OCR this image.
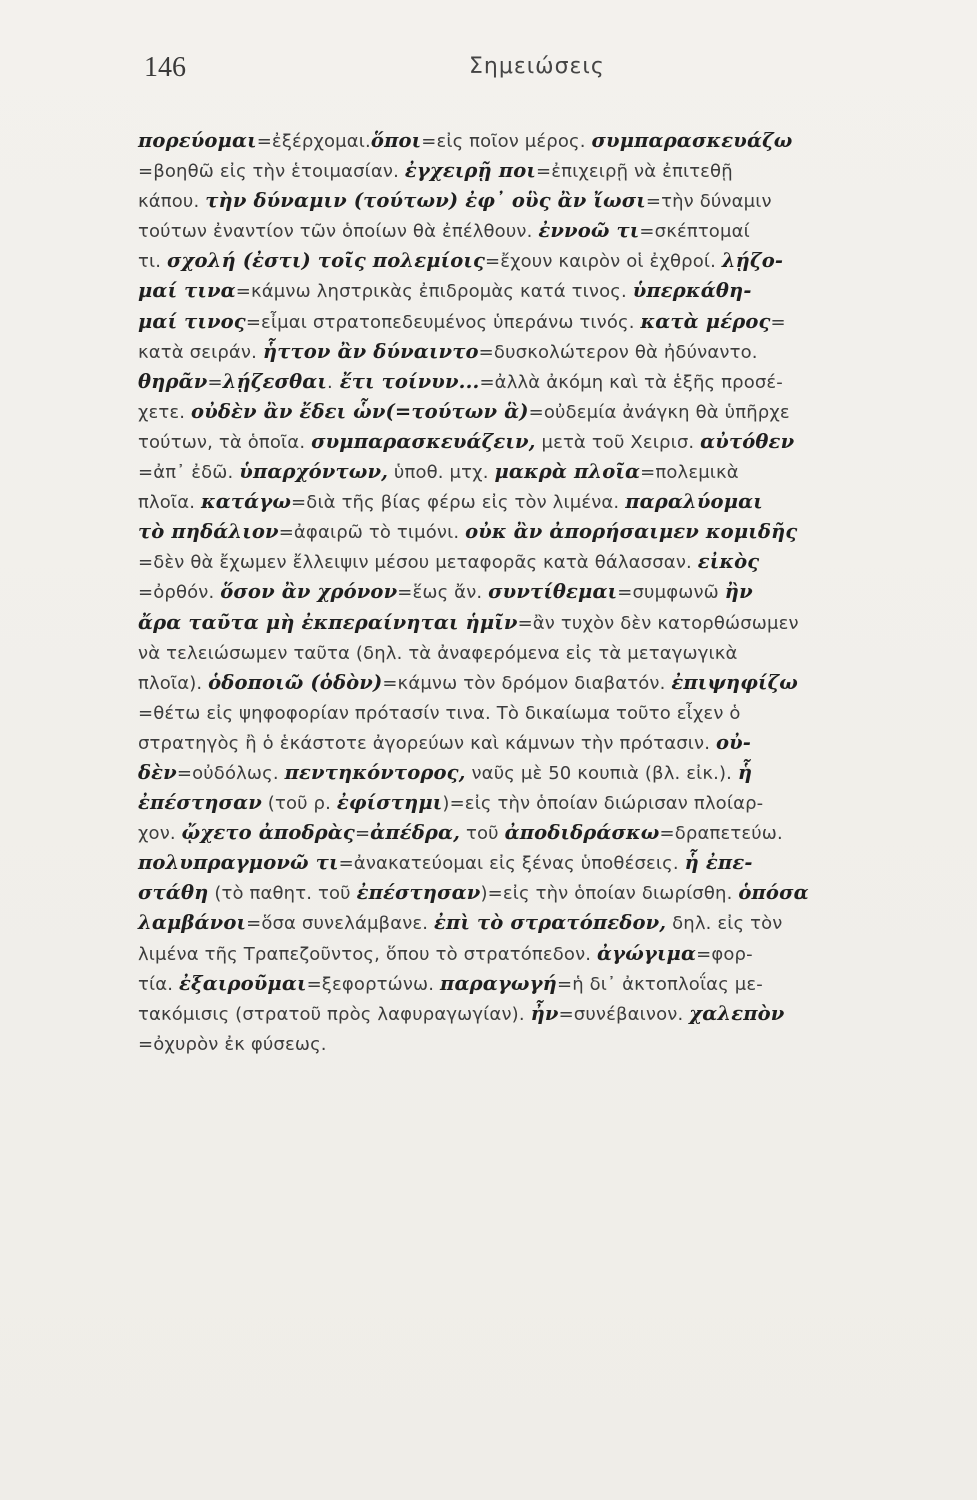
146	Σημειώσεις
πορεύομαι=ἐξέρχομαι.ὅποι=εἰς ποῖον μέρος. συμπαρασκευάζω
=βοηθῶ εἰς τὴν ἑτοιμασίαν. ἐγχειρῇ ποι=ἐπιχειρῇ νὰ ἐπιτεθῇ
κάπου. τὴν δύναμιν (τούτων) ἐφ᾽ οὓς ἂν ἴωσι=τὴν δύναμιν
τούτων ἐναντίον τῶν ὁποίων θὰ ἐπέλθουν. ἐννοῶ τι=σκέπτομαί
τι. σχολή (ἐστι) τοῖς πολεμίοις=ἔχουν καιρὸν οἱ ἐχθροί. λῄζο-
μαί τινα=κάμνω ληστρικὰς ἐπιδρομὰς κατά τινος. ὑπερκάθη-
μαί τινος=εἶμαι στρατοπεδευμένος ὑπεράνω τινός. κατὰ μέρος=
κατὰ σειράν. ἧττον ἂν δύναιντο=δυσκολώτερον θὰ ἠδύναντο.
θηρᾶν=λῄζεσθαι. ἔτι τοίνυν...=ἀλλὰ ἀκόμη καὶ τὰ ἑξῆς προσέ-
χετε. οὐδὲν ἂν ἔδει ὧν(=τούτων ἃ)=οὐδεμία ἀνάγκη θὰ ὑπῆρχε
τούτων, τὰ ὁποῖα. συμπαρασκευάζειν, μετὰ τοῦ Χειρισ. αὐτόθεν
=ἀπ᾽ ἐδῶ. ὑπαρχόντων, ὑποθ. μτχ. μακρὰ πλοῖα=πολεμικὰ
πλοῖα. κατάγω=διὰ τῆς βίας φέρω εἰς τὸν λιμένα. παραλύομαι
τὸ πηδάλιον=ἀφαιρῶ τὸ τιμόνι. οὐκ ἂν ἀπορήσαιμεν κομιδῆς
=δὲν θὰ ἔχωμεν ἔλλειψιν μέσου μεταφορᾶς κατὰ θάλασσαν. εἰκὸς
=ὀρθόν. ὅσον ἂν χρόνον=ἕως ἄν. συντίθεμαι=συμφωνῶ ἢν
ἄρα ταῦτα μὴ ἐκπεραίνηται ἡμῖν=ἂν τυχὸν δὲν κατορθώσωμεν
νὰ τελειώσωμεν ταῦτα (δηλ. τὰ ἀναφερόμενα εἰς τὰ μεταγωγικὰ
πλοῖα). ὁδοποιῶ (ὁδὸν)=κάμνω τὸν δρόμον διαβατόν. ἐπιψηφίζω
=θέτω εἰς ψηφοφορίαν πρότασίν τινα. Τὸ δικαίωμα τοῦτο εἶχεν ὁ
στρατηγὸς ἢ ὁ ἑκάστοτε ἀγορεύων καὶ κάμνων τὴν πρότασιν. οὐ-
δὲν=οὐδόλως. πεντηκόντορος, ναῦς μὲ 50 κουπιὰ (βλ. εἰκ.). ἧ
ἐπέστησαν (τοῦ ρ. ἐφίστημι)=εἰς τὴν ὁποίαν διώρισαν πλοίαρ-
χον. ᾤχετο ἀποδρὰς=ἀπέδρα, τοῦ ἀποδιδράσκω=δραπετεύω.
πολυπραγμονῶ τι=ἀνακατεύομαι εἰς ξένας ὑποθέσεις. ἧ ἐπε-
στάθη (τὸ παθητ. τοῦ ἐπέστησαν)=εἰς τὴν ὁποίαν διωρίσθη. ὁπόσα
λαμβάνοι=ὅσα συνελάμβανε. ἐπὶ τὸ στρατόπεδον, δηλ. εἰς τὸν
λιμένα τῆς Τραπεζοῦντος, ὅπου τὸ στρατόπεδον. ἀγώγιμα=φορ-
τία. ἐξαιροῦμαι=ξεφορτώνω. παραγωγή=ἡ δι᾽ ἀκτοπλοΐας με-
τακόμισις (στρατοῦ πρὸς λαφυραγωγίαν). ἦν=συνέβαινον. χαλεπὸν
=ὀχυρὸν ἐκ φύσεως.
